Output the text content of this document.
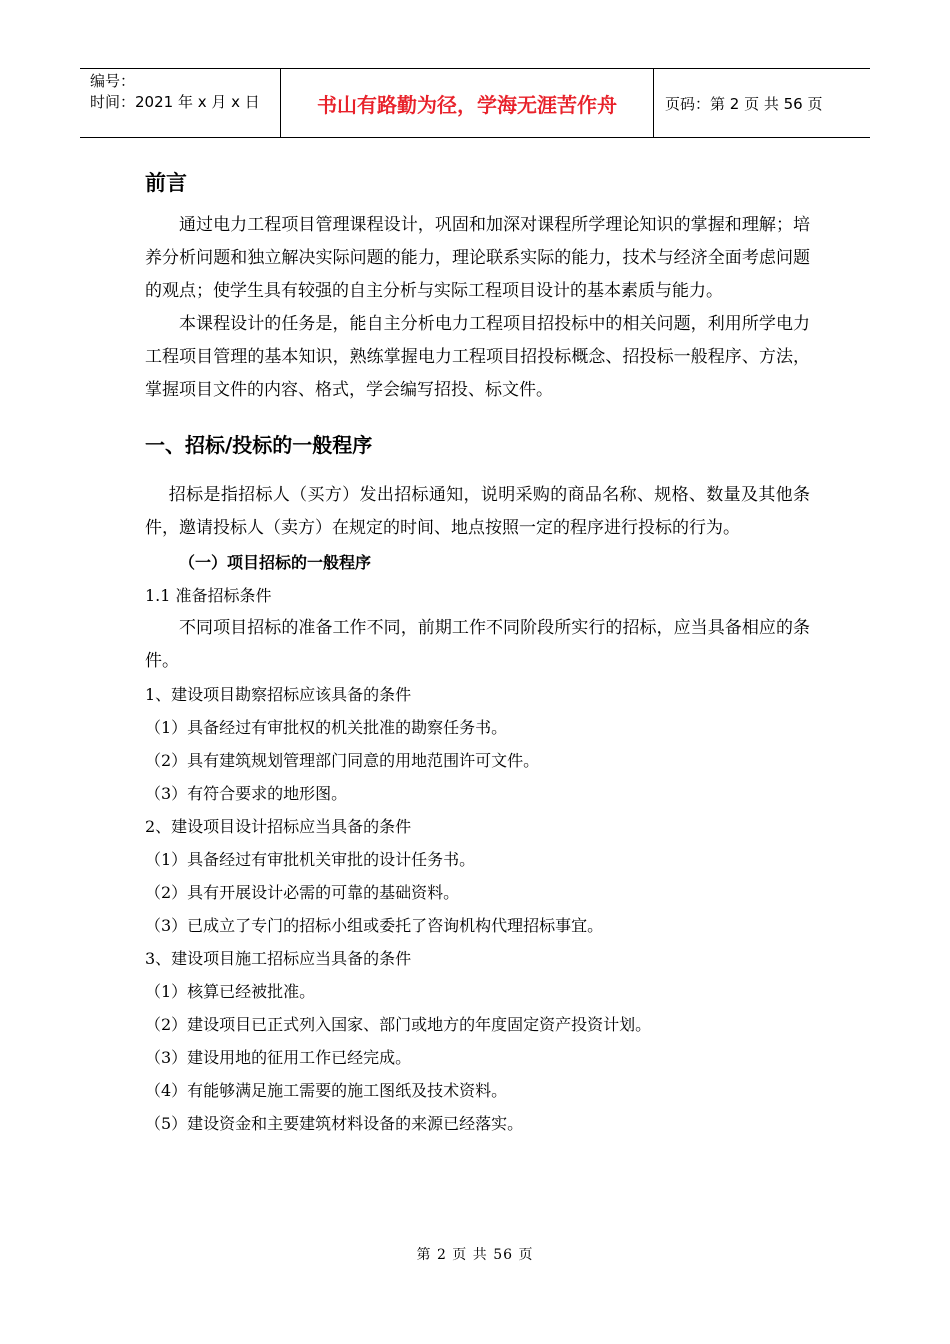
编号：
时间：2021 年 x 月 x 日	书山有路勤为径，学海无涯苦作舟	页码：第 2 页 共 56 页
前言

通过电力工程项目管理课程设计，巩固和加深对课程所学理论知识的掌握和理解；培养分析问题和独立解决实际问题的能力，理论联系实际的能力，技术与经济全面考虑问题的观点；使学生具有较强的自主分析与实际工程项目设计的基本素质与能力。

本课程设计的任务是，能自主分析电力工程项目招投标中的相关问题，利用所学电力工程项目管理的基本知识，熟练掌握电力工程项目招投标概念、招投标一般程序、方法，掌握项目文件的内容、格式，学会编写招投、标文件。

一、招标/投标的一般程序

招标是指招标人（买方）发出招标通知，说明采购的商品名称、规格、数量及其他条件，邀请投标人（卖方）在规定的时间、地点按照一定的程序进行投标的行为。

（一）项目招标的一般程序
1.1 准备招标条件

不同项目招标的准备工作不同，前期工作不同阶段所实行的招标，应当具备相应的条件。

1、建设项目勘察招标应该具备的条件
（1）具备经过有审批权的机关批准的勘察任务书。
（2）具有建筑规划管理部门同意的用地范围许可文件。
（3）有符合要求的地形图。
2、建设项目设计招标应当具备的条件
（1）具备经过有审批机关审批的设计任务书。
（2）具有开展设计必需的可靠的基础资料。
（3）已成立了专门的招标小组或委托了咨询机构代理招标事宜。
3、建设项目施工招标应当具备的条件
（1）核算已经被批准。
（2）建设项目已正式列入国家、部门或地方的年度固定资产投资计划。
（3）建设用地的征用工作已经完成。
（4）有能够满足施工需要的施工图纸及技术资料。
（5）建设资金和主要建筑材料设备的来源已经落实。
第 2 页 共 56 页
